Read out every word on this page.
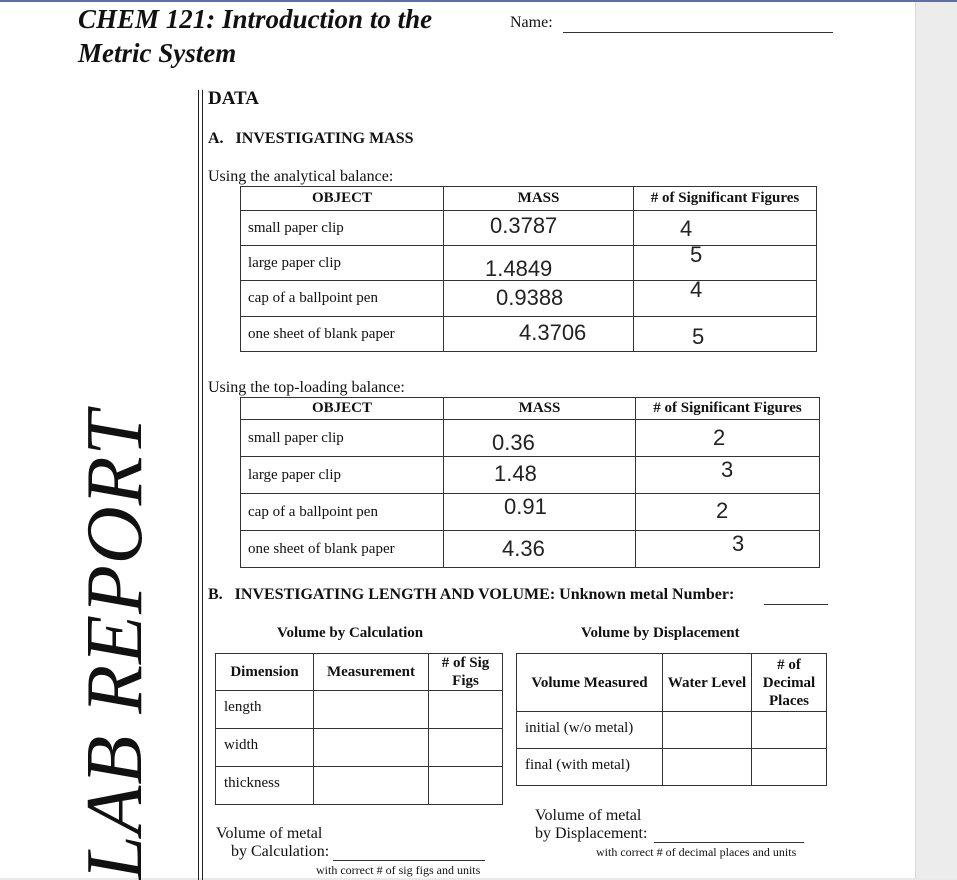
CHEM 121: Introduction to the Metric System
Name:
LAB REPORT
DATA
A.   INVESTIGATING MASS
Using the analytical balance:
OBJECT	MASS	# of Significant Figures
small paper clip	0.3787	4

large paper clip	1.4849	5

cap of a ballpoint pen	0.9388	4

one sheet of blank paper	4.3706	5
Using the top-loading balance:
OBJECT	MASS	# of Significant Figures
small paper clip	0.36	2

large paper clip	1.48	3

cap of a ballpoint pen	0.91	2

one sheet of blank paper	4.36	3
B.   INVESTIGATING LENGTH AND VOLUME: Unknown metal Number:
Volume by Calculation	Volume by Displacement
Dimension	Measurement	# of Sig Figs
length		
width		
thickness		
Volume Measured	Water Level	# of Decimal Places
initial (w/o metal)		
final (with metal)		
Volume of metal
by Calculation:
with correct # of sig figs and units
Volume of metal
by Displacement:
with correct # of decimal places and units
